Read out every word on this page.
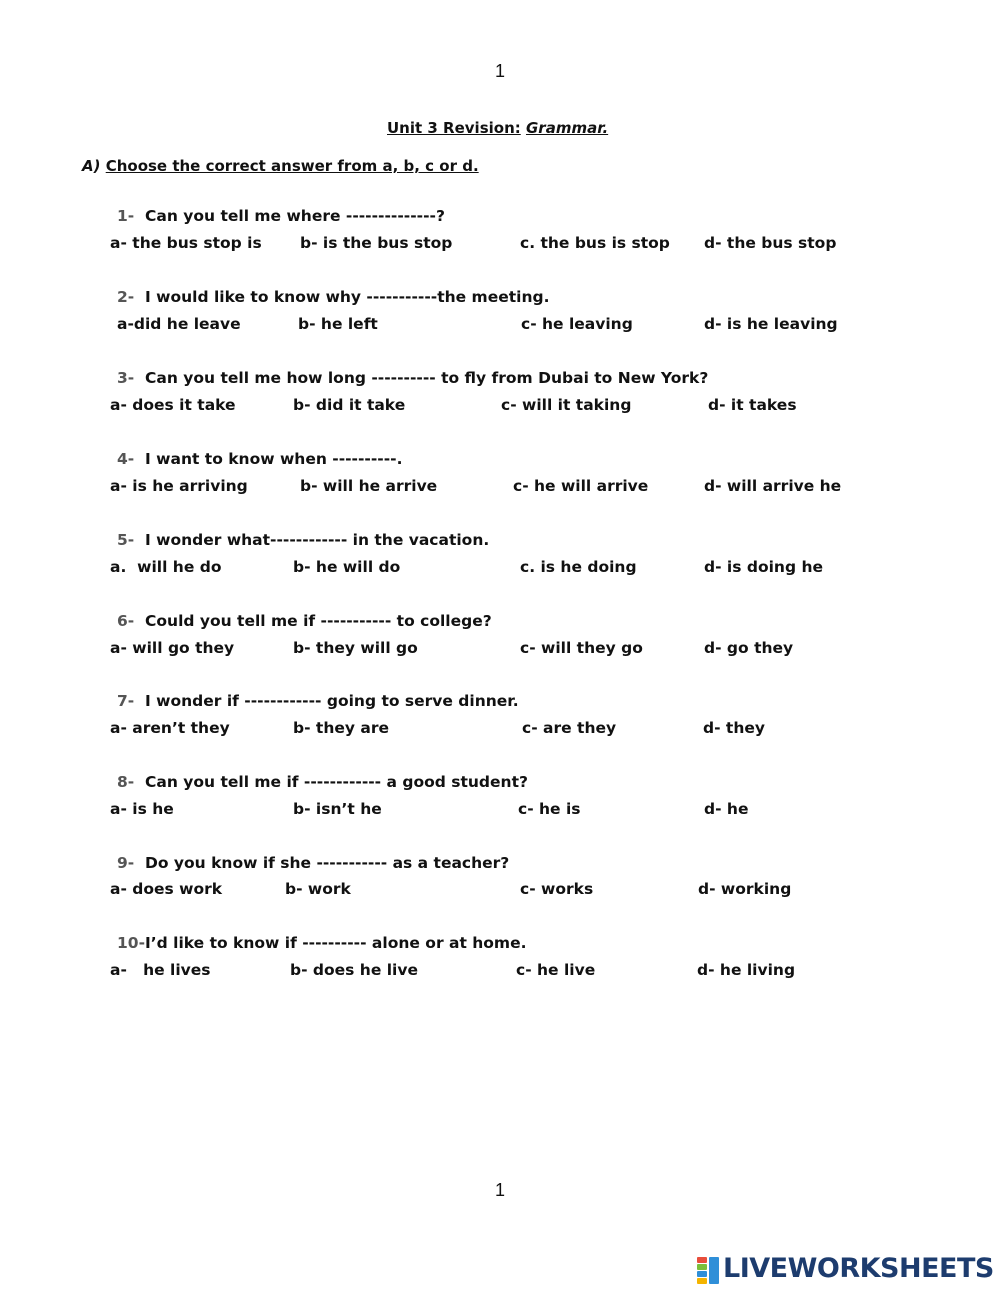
1
Unit 3 Revision: Grammar.
A) Choose the correct answer from a, b, c or d.
1- Can you tell me where --------------?
a- the bus stop is b- is the bus stop	c. the bus is stop d- the bus stop
2- I would like to know why -----------the meeting.
a-did he leave	b- he left	c- he leaving	d- is he leaving
3- Can you tell me how long ---------- to fly from Dubai to New York?
a- does it take	b- did it take	c- will it taking	d- it takes
4- I want to know when ----------.
a- is he arriving	b- will he arrive	c- he will arrive	d- will arrive he
5- I wonder what------------ in the vacation.
a.  will he do	b- he will do	c. is he doing	d- is doing he
6- Could you tell me if ----------- to college?
a- will go they	b- they will go	c- will they go	d- go they
7- I wonder if ------------ going to serve dinner.
a- aren’t they	b- they are	c- are they	d- they
8- Can you tell me if ------------ a good student?
a- is he	b- isn’t he	c- he is	d- he
9- Do you know if she ----------- as a teacher?
a- does work	b- work	c- works	d- working
10-I’d like to know if ---------- alone or at home.
a-   he lives	b- does he live	c- he live	d- he living
1
LIVEWORKSHEETS
